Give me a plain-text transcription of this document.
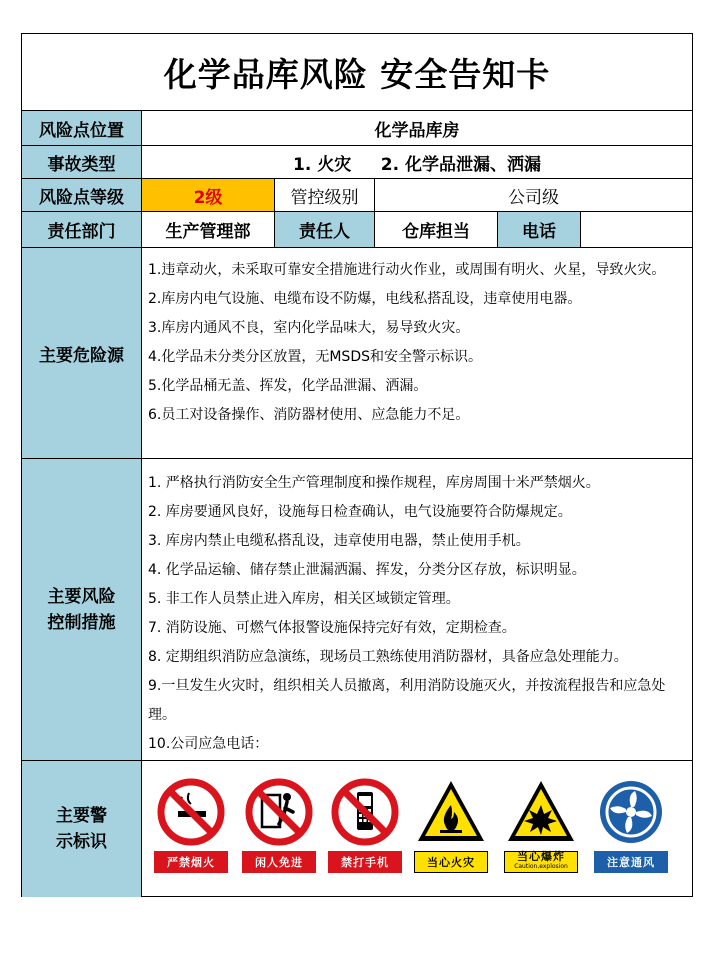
化学品库风险 安全告知卡
风险点位置	化学品库房
事故类型	1. 火灾     2. 化学品泄漏、洒漏
风险点等级	2级	管控级别	公司级
责任部门	生产管理部	责任人	仓库担当	电话
主要危险源
1.违章动火，未采取可靠安全措施进行动火作业，或周围有明火、火星，导致火灾。
2.库房内电气设施、电缆布设不防爆，电线私搭乱设，违章使用电器。
3.库房内通风不良，室内化学品味大，易导致火灾。
4.化学品未分类分区放置，无MSDS和安全警示标识。
5.化学品桶无盖、挥发，化学品泄漏、洒漏。
6.员工对设备操作、消防器材使用、应急能力不足。
主要风险
控制措施
1. 严格执行消防安全生产管理制度和操作规程，库房周围十米严禁烟火。
2. 库房要通风良好，设施每日检查确认，电气设施要符合防爆规定。
3. 库房内禁止电缆私搭乱设，违章使用电器，禁止使用手机。
4. 化学品运输、储存禁止泄漏洒漏、挥发，分类分区存放，标识明显。
5. 非工作人员禁止进入库房，相关区域锁定管理。
7. 消防设施、可燃气体报警设施保持完好有效，定期检查。
8. 定期组织消防应急演练，现场员工熟练使用消防器材，具备应急处理能力。
9.一旦发生火灾时，组织相关人员撤离，利用消防设施灭火，并按流程报告和应急处理。
10.公司应急电话：
主要警
示标识
严禁烟火	闲人免进	禁打手机	当心火灾	当心爆炸
Caution,explosion	注意通风
